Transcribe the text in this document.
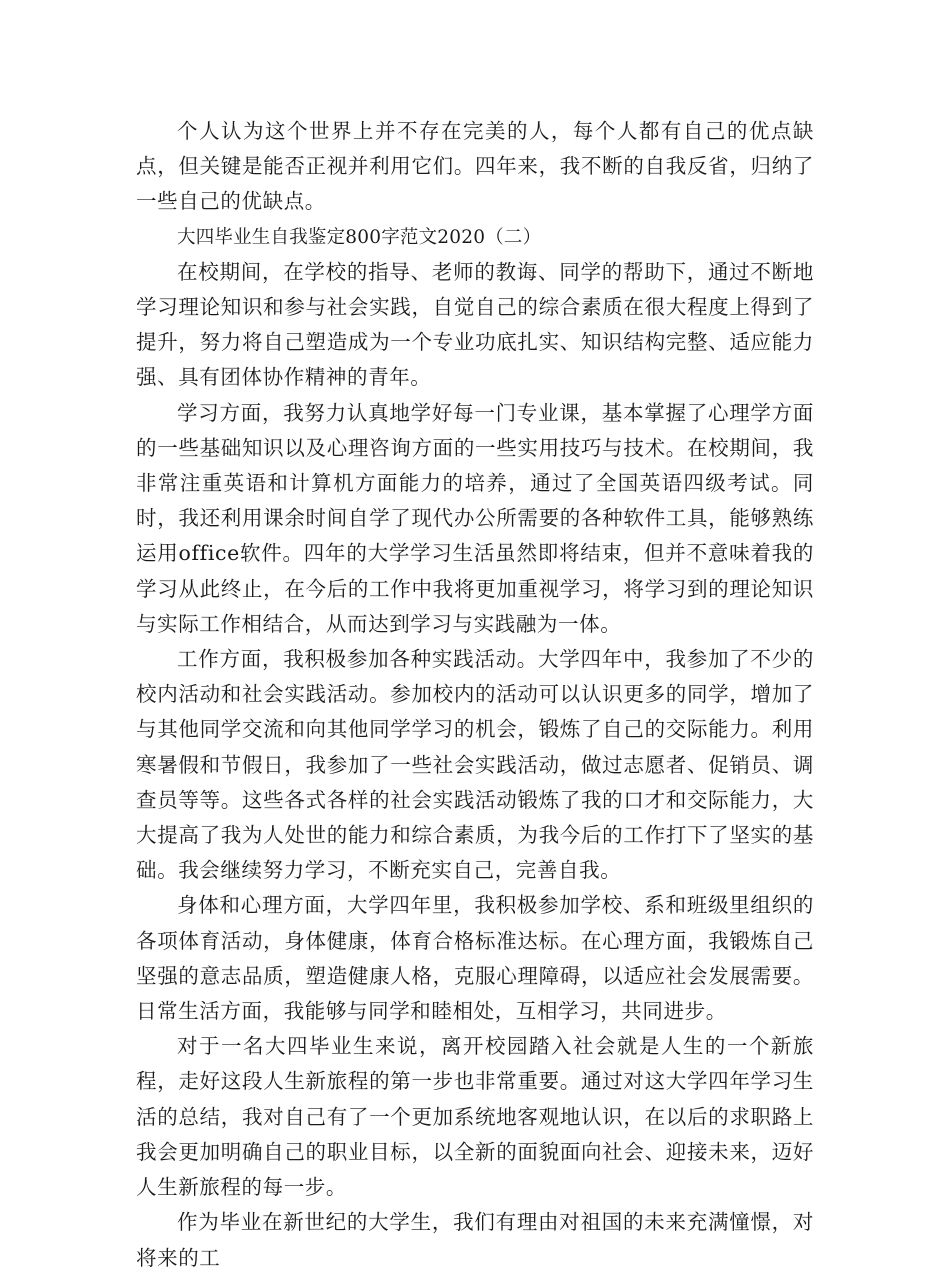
个人认为这个世界上并不存在完美的人，每个人都有自己的优点缺点，但关键是能否正视并利用它们。四年来，我不断的自我反省，归纳了一些自己的优缺点。

大四毕业生自我鉴定800字范文2020（二）

在校期间，在学校的指导、老师的教诲、同学的帮助下，通过不断地学习理论知识和参与社会实践，自觉自己的综合素质在很大程度上得到了提升，努力将自己塑造成为一个专业功底扎实、知识结构完整、适应能力强、具有团体协作精神的青年。

学习方面，我努力认真地学好每一门专业课，基本掌握了心理学方面的一些基础知识以及心理咨询方面的一些实用技巧与技术。在校期间，我非常注重英语和计算机方面能力的培养，通过了全国英语四级考试。同时，我还利用课余时间自学了现代办公所需要的各种软件工具，能够熟练运用office软件。四年的大学学习生活虽然即将结束，但并不意味着我的学习从此终止，在今后的工作中我将更加重视学习，将学习到的理论知识与实际工作相结合，从而达到学习与实践融为一体。

工作方面，我积极参加各种实践活动。大学四年中，我参加了不少的校内活动和社会实践活动。参加校内的活动可以认识更多的同学，增加了与其他同学交流和向其他同学学习的机会，锻炼了自己的交际能力。利用寒暑假和节假日，我参加了一些社会实践活动，做过志愿者、促销员、调查员等等。这些各式各样的社会实践活动锻炼了我的口才和交际能力，大大提高了我为人处世的能力和综合素质，为我今后的工作打下了坚实的基础。我会继续努力学习，不断充实自己，完善自我。

身体和心理方面，大学四年里，我积极参加学校、系和班级里组织的各项体育活动，身体健康，体育合格标准达标。在心理方面，我锻炼自己坚强的意志品质，塑造健康人格，克服心理障碍，以适应社会发展需要。日常生活方面，我能够与同学和睦相处，互相学习，共同进步。

对于一名大四毕业生来说，离开校园踏入社会就是人生的一个新旅程，走好这段人生新旅程的第一步也非常重要。通过对这大学四年学习生活的总结，我对自己有了一个更加系统地客观地认识，在以后的求职路上我会更加明确自己的职业目标，以全新的面貌面向社会、迎接未来，迈好人生新旅程的每一步。

作为毕业在新世纪的大学生，我们有理由对祖国的未来充满憧憬，对将来的工
